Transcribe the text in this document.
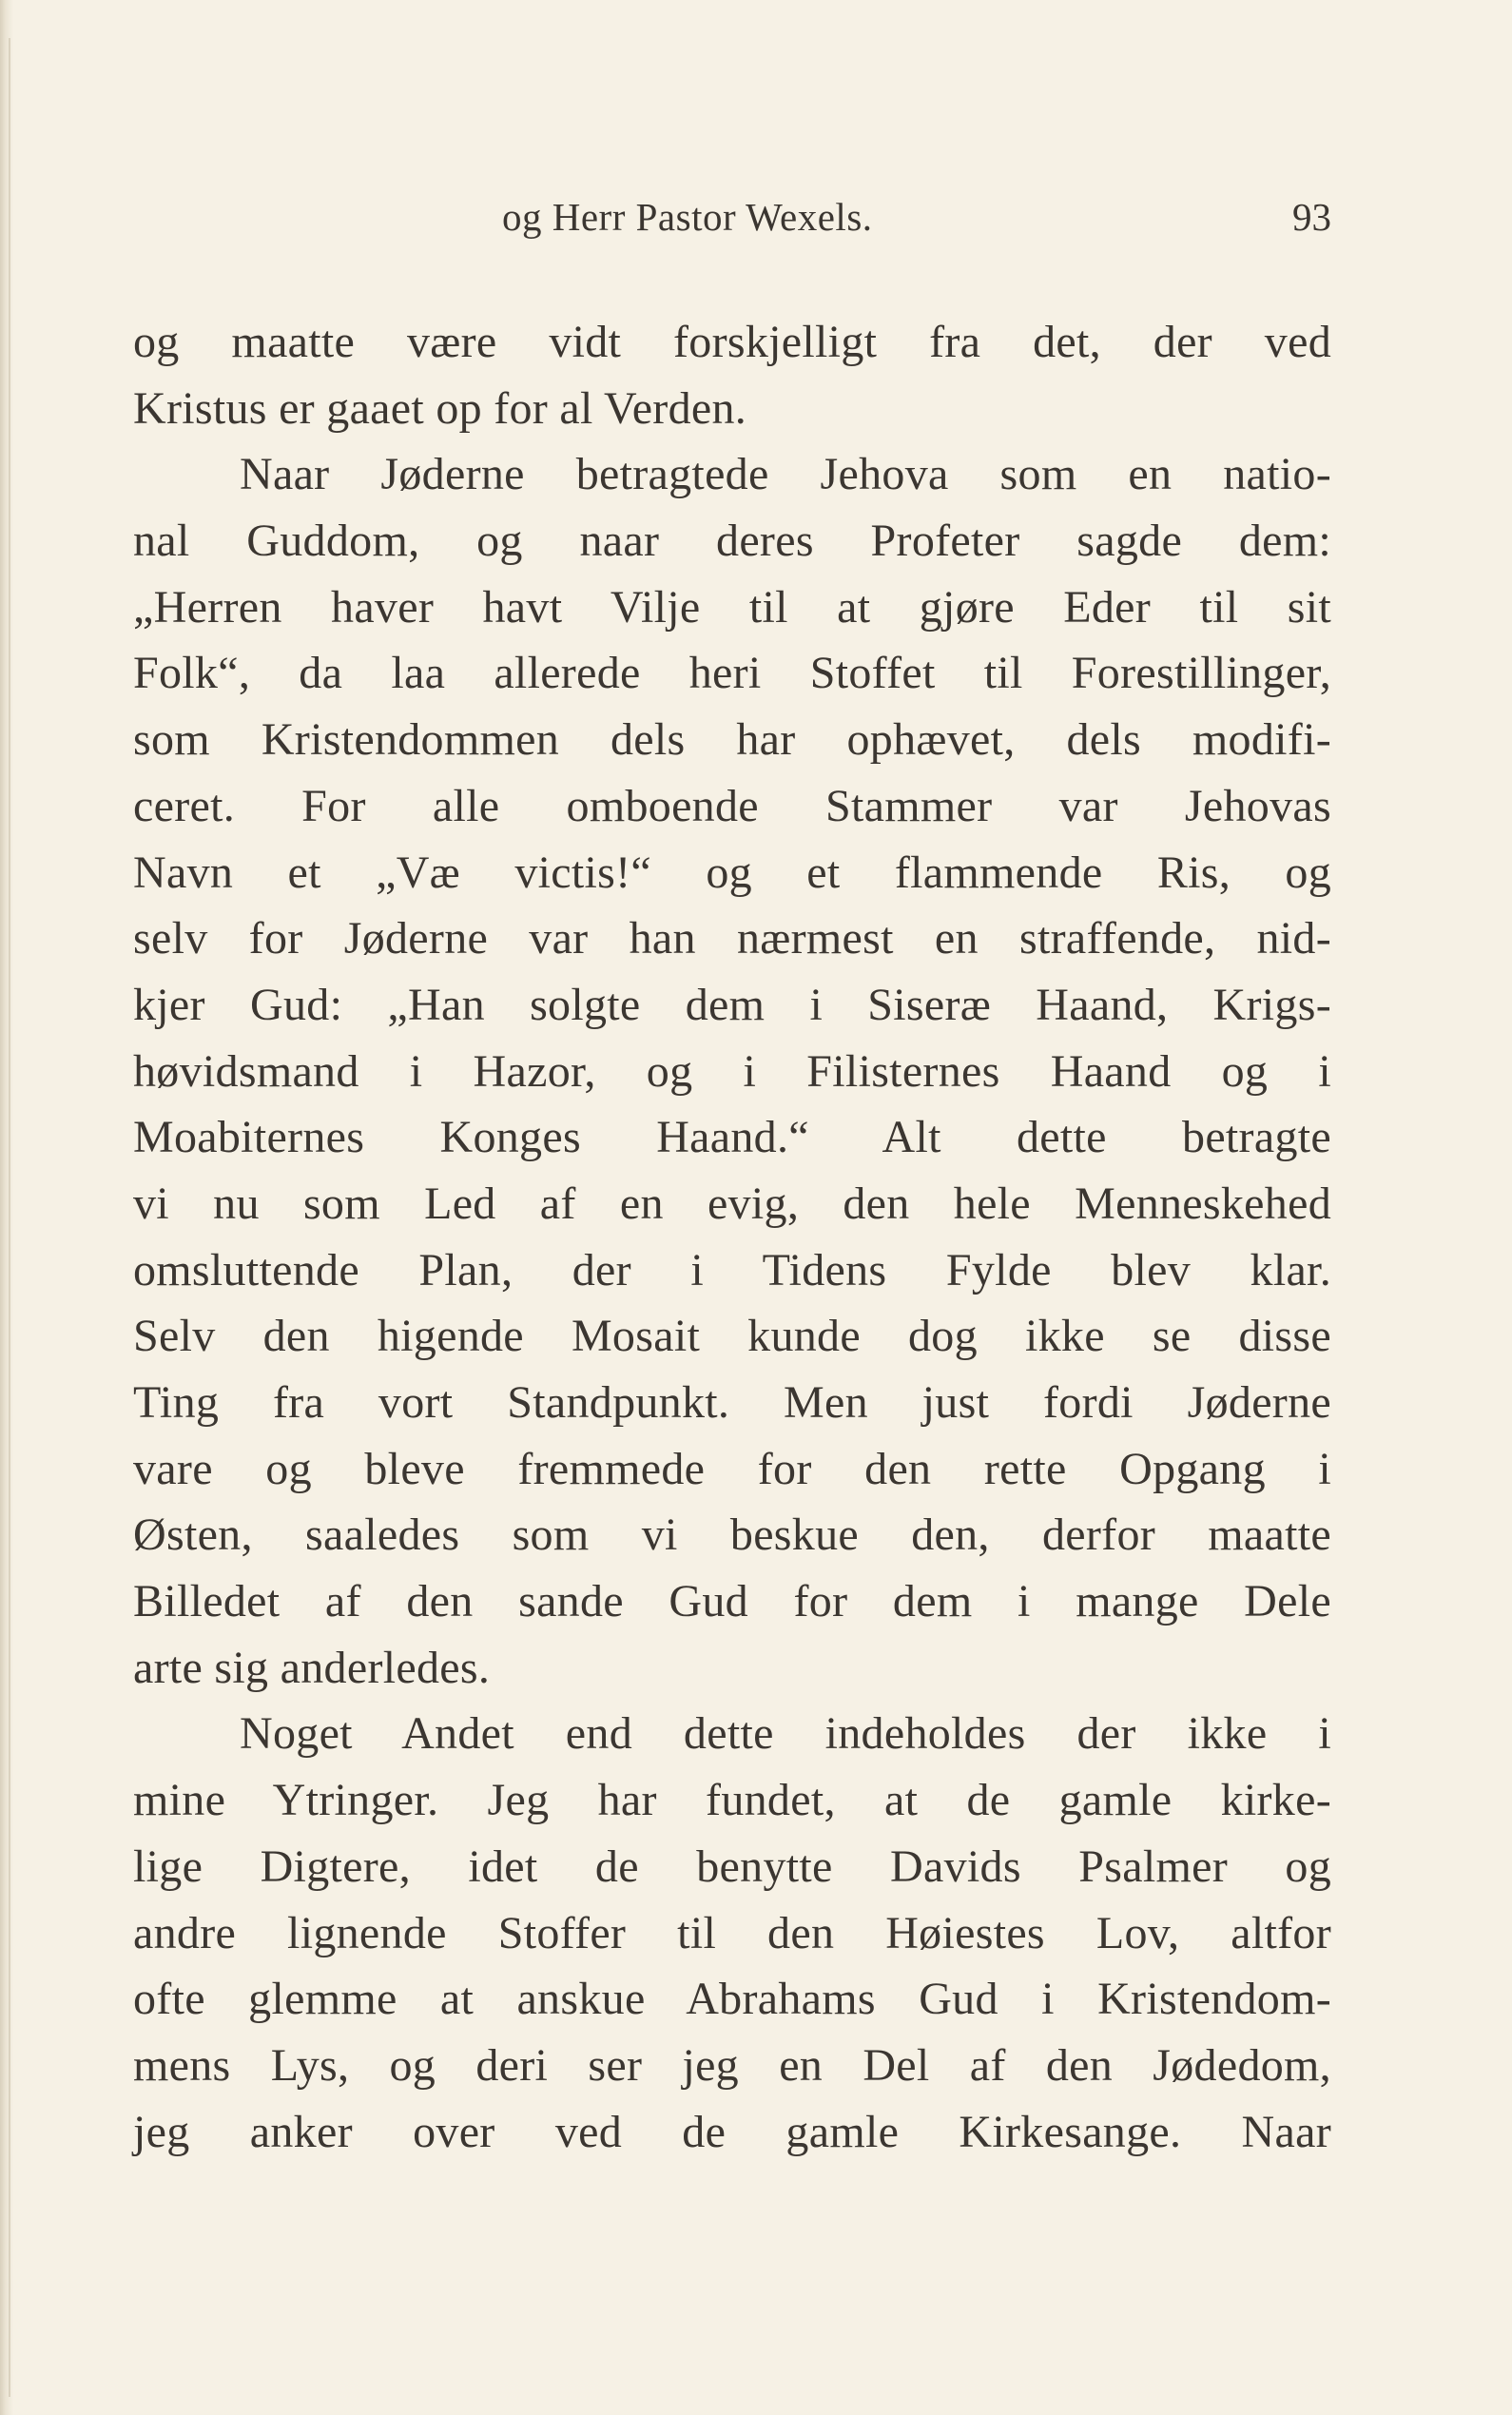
og Herr Pastor Wexels.	93
og maatte være vidt forskjelligt fra det, der ved
Kristus er gaaet op for al Verden.
Naar Jøderne betragtede Jehova som en natio-
nal Guddom, og naar deres Profeter sagde dem:
„Herren haver havt Vilje til at gjøre Eder til sit
Folk“, da laa allerede heri Stoffet til Forestillinger,
som Kristendommen dels har ophævet, dels modifi-
ceret. For alle omboende Stammer var Jehovas
Navn et „Væ victis!“ og et flammende Ris, og
selv for Jøderne var han nærmest en straffende, nid-
kjer Gud: „Han solgte dem i Siseræ Haand, Krigs-
høvidsmand i Hazor, og i Filisternes Haand og i
Moabiternes Konges Haand.“ Alt dette betragte
vi nu som Led af en evig, den hele Menneskehed
omsluttende Plan, der i Tidens Fylde blev klar.
Selv den higende Mosait kunde dog ikke se disse
Ting fra vort Standpunkt. Men just fordi Jøderne
vare og bleve fremmede for den rette Opgang i
Østen, saaledes som vi beskue den, derfor maatte
Billedet af den sande Gud for dem i mange Dele
arte sig anderledes.
Noget Andet end dette indeholdes der ikke i
mine Ytringer. Jeg har fundet, at de gamle kirke-
lige Digtere, idet de benytte Davids Psalmer og
andre lignende Stoffer til den Høiestes Lov, altfor
ofte glemme at anskue Abrahams Gud i Kristendom-
mens Lys, og deri ser jeg en Del af den Jødedom,
jeg anker over ved de gamle Kirkesange. Naar
